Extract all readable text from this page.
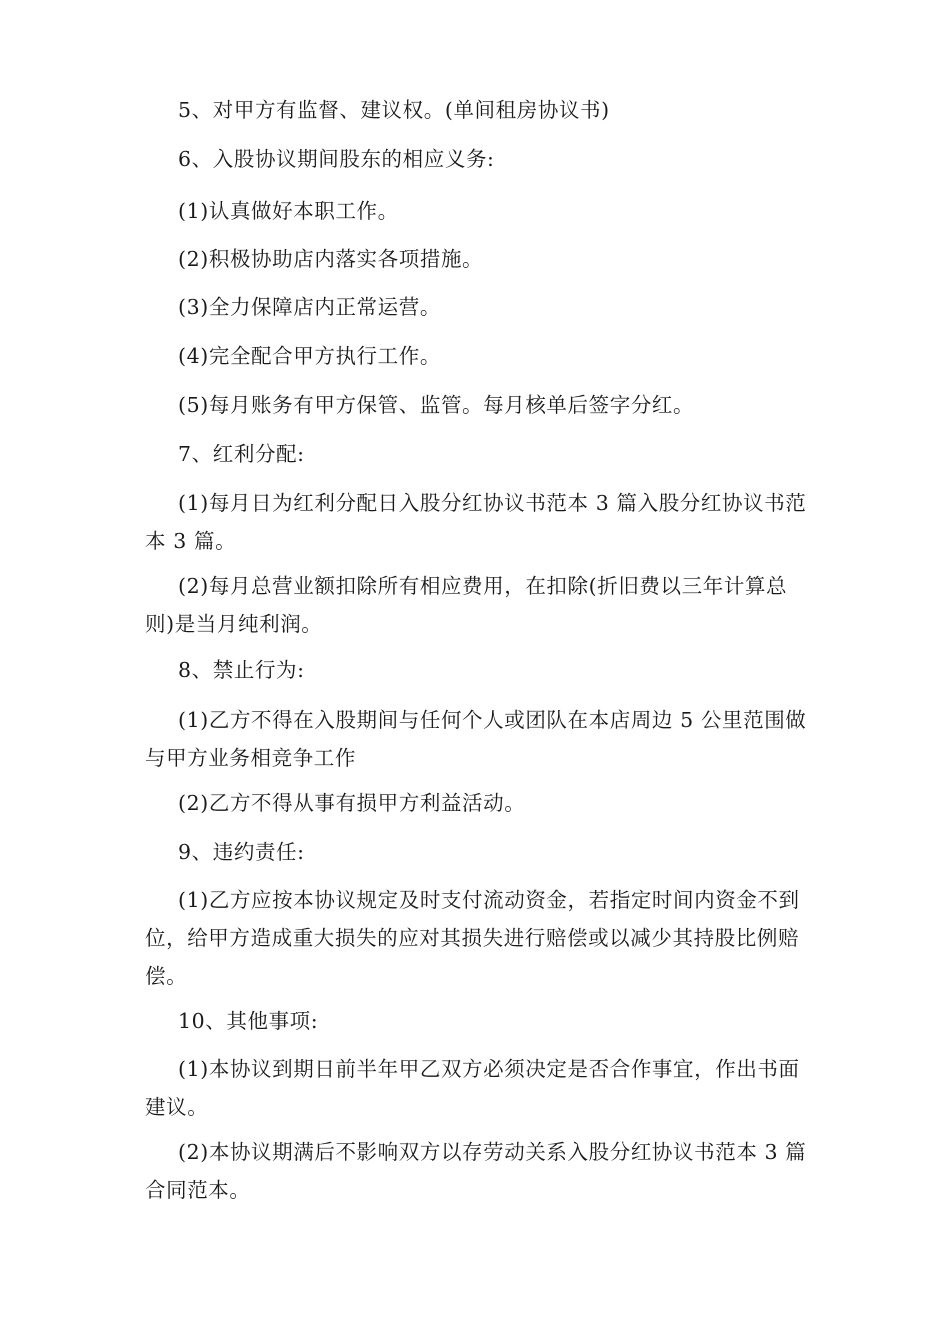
5、对甲方有监督、建议权。(单间租房协议书)

6、入股协议期间股东的相应义务:

(1)认真做好本职工作。

(2)积极协助店内落实各项措施。

(3)全力保障店内正常运营。

(4)完全配合甲方执行工作。

(5)每月账务有甲方保管、监管。每月核单后签字分红。

7、红利分配:

(1)每月日为红利分配日入股分红协议书范本 3 篇入股分红协议书范本 3 篇。

(2)每月总营业额扣除所有相应费用，在扣除(折旧费以三年计算总则)是当月纯利润。

8、禁止行为:

(1)乙方不得在入股期间与任何个人或团队在本店周边 5 公里范围做与甲方业务相竞争工作

(2)乙方不得从事有损甲方利益活动。

9、违约责任:

(1)乙方应按本协议规定及时支付流动资金，若指定时间内资金不到位，给甲方造成重大损失的应对其损失进行赔偿或以减少其持股比例赔偿。

10、其他事项:

(1)本协议到期日前半年甲乙双方必须决定是否合作事宜，作出书面建议。

(2)本协议期满后不影响双方以存劳动关系入股分红协议书范本 3 篇合同范本。
